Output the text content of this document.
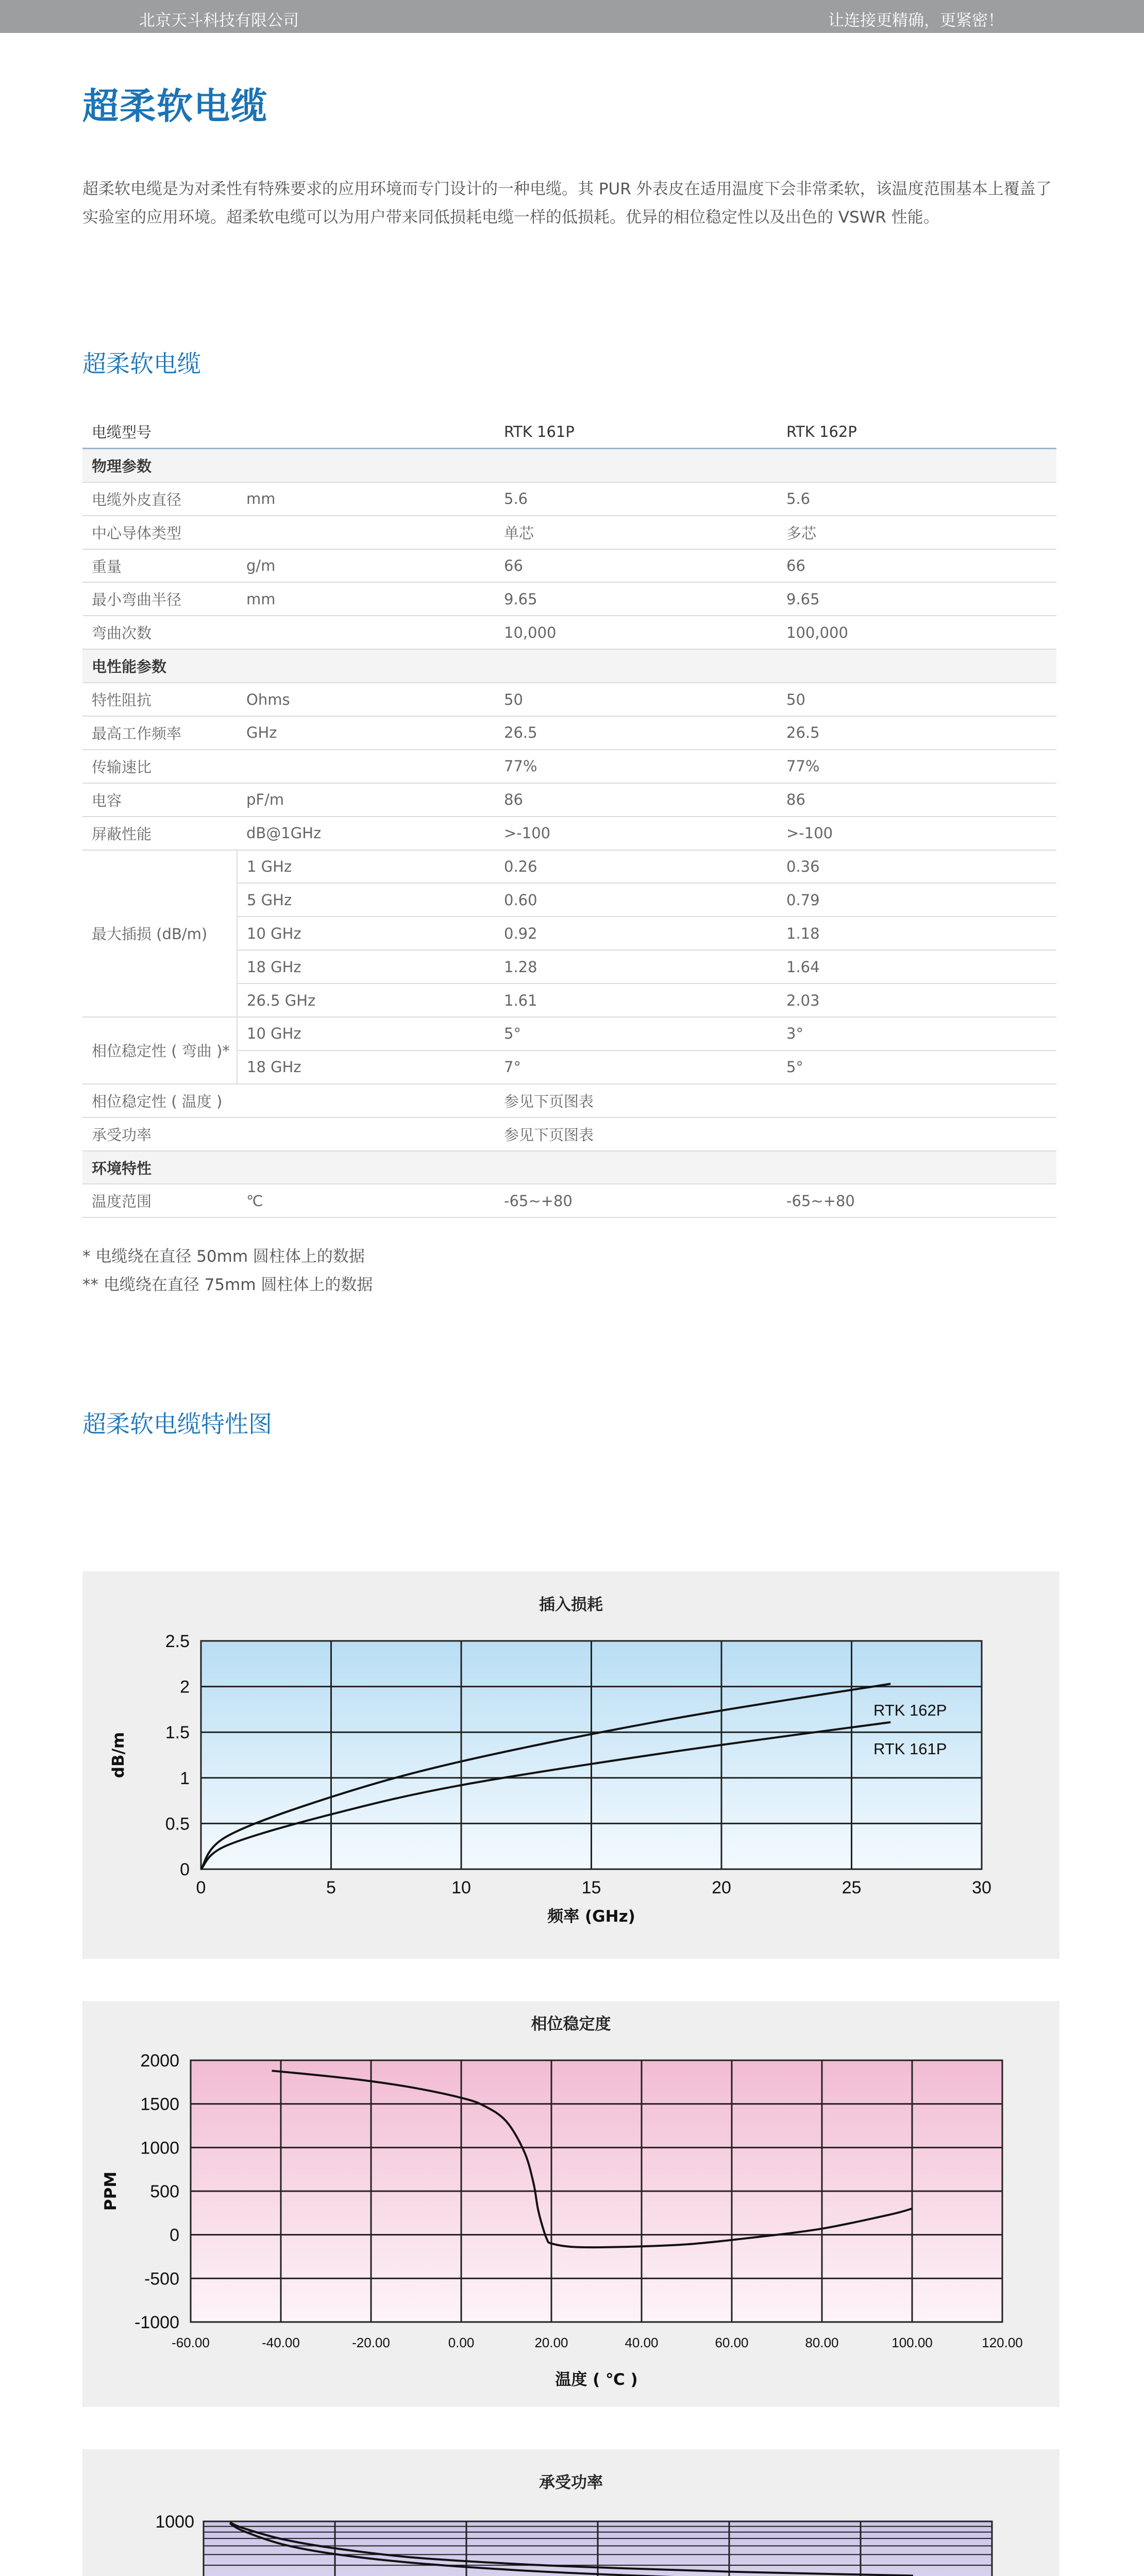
北京天斗科技有限公司	让连接更精确，更紧密！
超柔软电缆
超柔软电缆是为对柔性有特殊要求的应用环境而专门设计的一种电缆。其 PUR 外表皮在适用温度下会非常柔软，该温度范围基本上覆盖了实验室的应用环境。超柔软电缆可以为用户带来同低损耗电缆一样的低损耗。优异的相位稳定性以及出色的 VSWR 性能。
超柔软电缆
电缆型号		RTK 161P	RTK 162P
物理参数			
电缆外皮直径	mm	5.6	5.6
中心导体类型		单芯	多芯
重量	g/m	66	66
最小弯曲半径	mm	9.65	9.65
弯曲次数		10,000	100,000
电性能参数			
特性阻抗	Ohms	50	50
最高工作频率	GHz	26.5	26.5
传输速比		77%	77%
电容	pF/m	86	86
屏蔽性能	dB@1GHz	>-100	>-100
最大插损 (dB/m)	1 GHz	0.26	0.36
	5 GHz	0.60	0.79
	10 GHz	0.92	1.18
	18 GHz	1.28	1.64
	26.5 GHz	1.61	2.03
相位稳定性 ( 弯曲 )*	10 GHz	5°	3°
	18 GHz	7°	5°
相位稳定性 ( 温度 )		参见下页图表	
承受功率		参见下页图表	
环境特性			
温度范围	℃	-65~+80	-65~+80
* 电缆绕在直径 50mm 圆柱体上的数据
** 电缆绕在直径 75mm 圆柱体上的数据
超柔软电缆特性图
插入损耗
频率 (GHz)
dB/m
0	5	10	15	20	25	30
0
0.5
1
1.5
2
2.5
RTK 162P
RTK 161P
相位稳定度
温度 ( ℃ )
PPM
-60.00	-40.00	-20.00	0.00	20.00	40.00	60.00	80.00	100.00	120.00
-1000
-500
0
500
1000
1500
2000
承受功率
1000
